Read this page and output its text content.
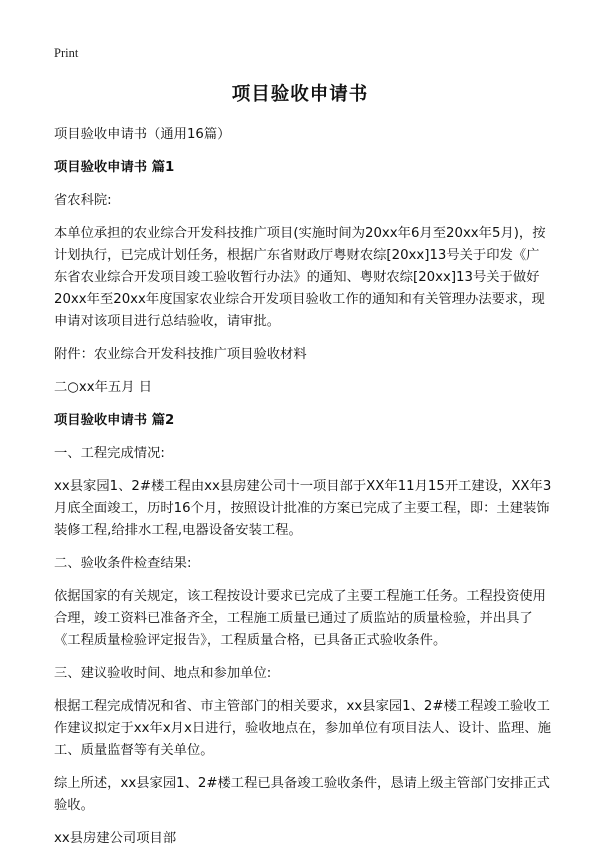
Print
项目验收申请书

项目验收申请书（通用16篇）

项目验收申请书 篇1

省农科院:

本单位承担的农业综合开发科技推广项目(实施时间为20xx年6月至20xx年5月)，按计划执行，已完成计划任务，根据广东省财政厅粤财农综[20xx]13号关于印发《广东省农业综合开发项目竣工验收暂行办法》的通知、粤财农综[20xx]13号关于做好20xx年至20xx年度国家农业综合开发项目验收工作的通知和有关管理办法要求，现申请对该项目进行总结验收，请审批。

附件：农业综合开发科技推广项目验收材料

二○xx年五月 日

项目验收申请书 篇2

一、工程完成情况:

xx县家园1、2#楼工程由xx县房建公司十一项目部于XX年11月15开工建设，XX年3月底全面竣工，历时16个月，按照设计批准的方案已完成了主要工程，即：土建装饰装修工程,给排水工程,电器设备安装工程。

二、验收条件检查结果:

依据国家的有关规定，该工程按设计要求已完成了主要工程施工任务。工程投资使用合理，竣工资料已准备齐全，工程施工质量已通过了质监站的质量检验，并出具了《工程质量检验评定报告》，工程质量合格，已具备正式验收条件。

三、建议验收时间、地点和参加单位:

根据工程完成情况和省、市主管部门的相关要求，xx县家园1、2#楼工程竣工验收工作建议拟定于xx年x月x日进行，验收地点在，参加单位有项目法人、设计、监理、施工、质量监督等有关单位。

综上所述，xx县家园1、2#楼工程已具备竣工验收条件，恳请上级主管部门安排正式验收。

xx县房建公司项目部
